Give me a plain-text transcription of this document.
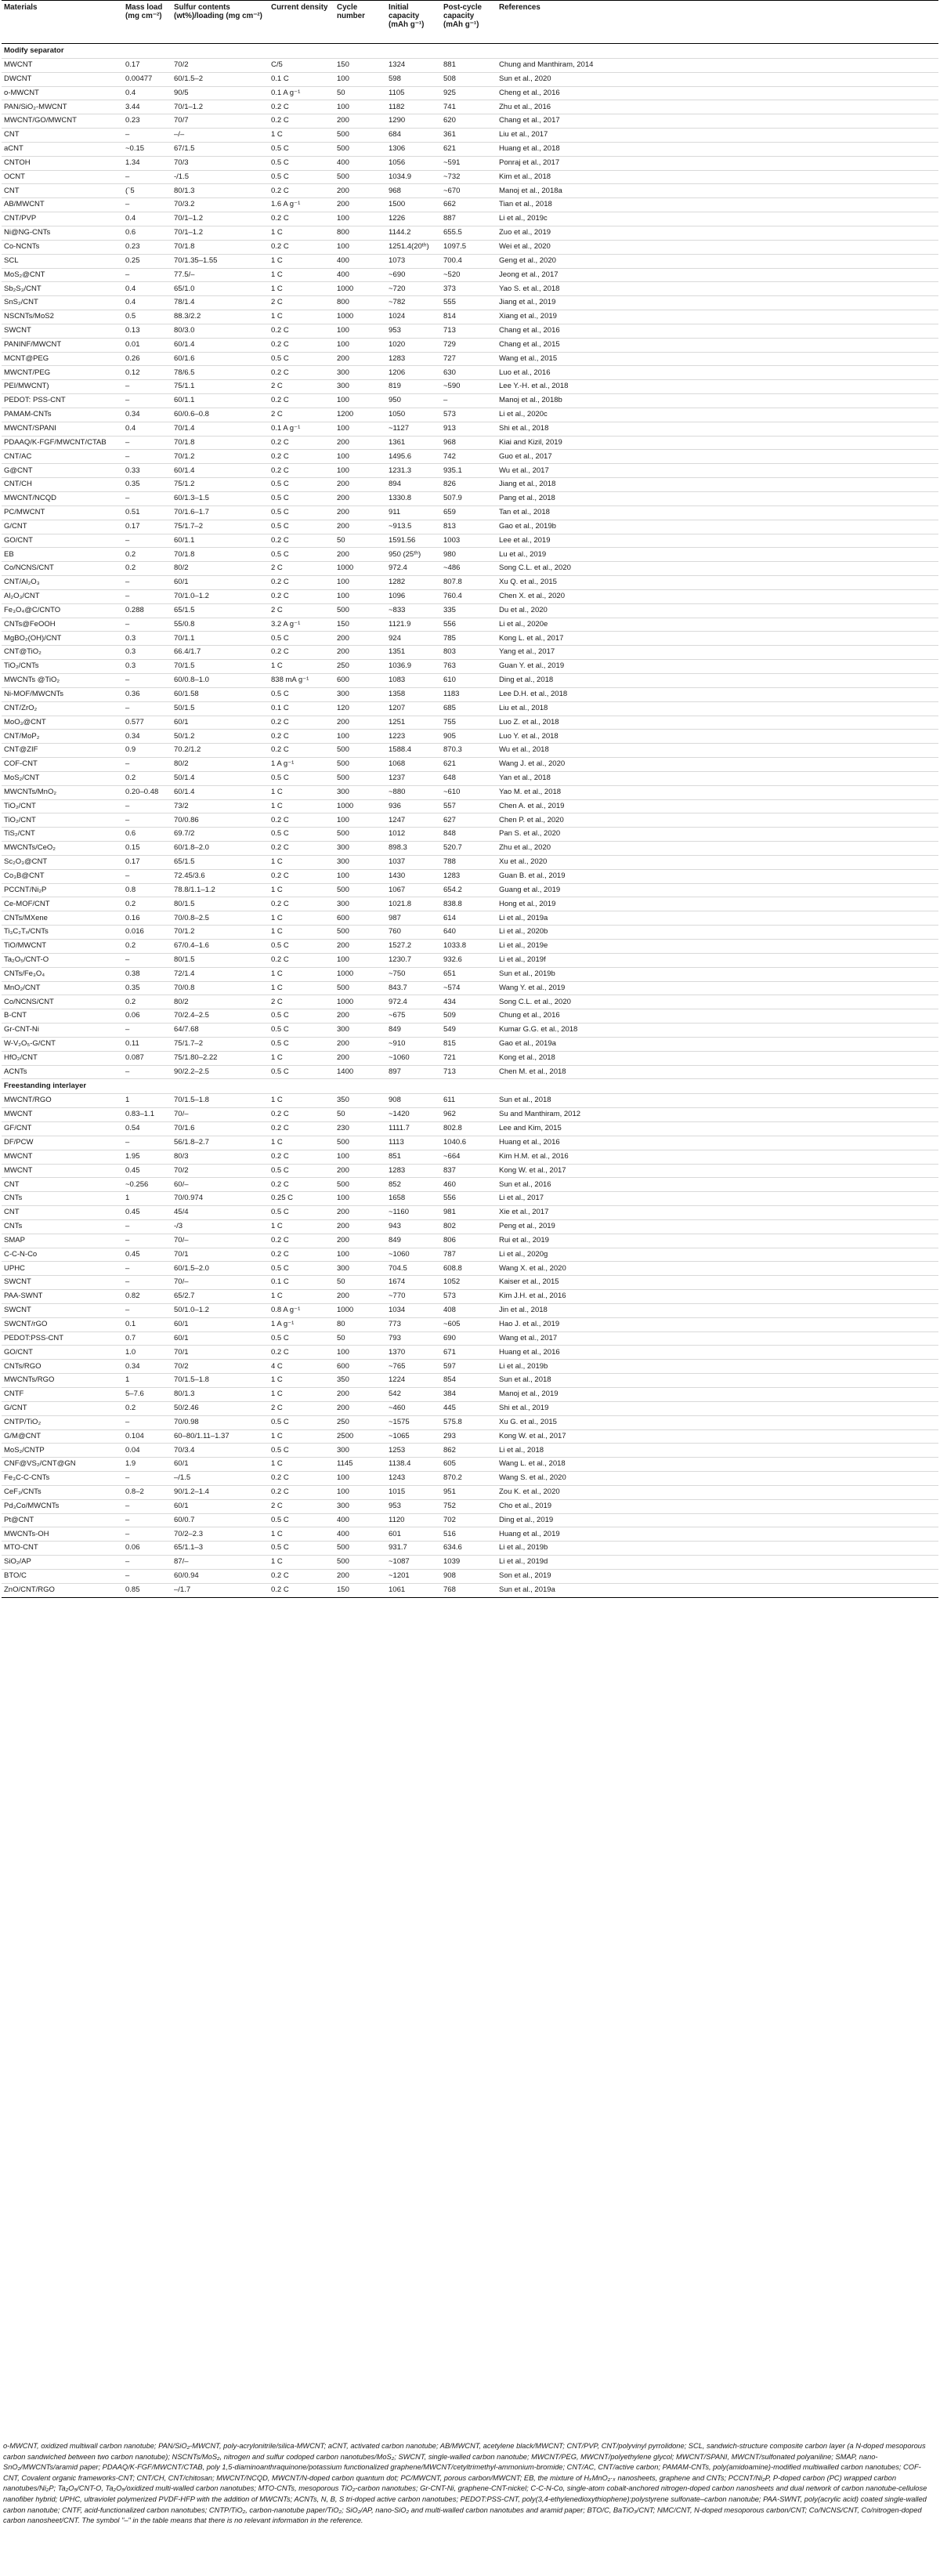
Materials	Mass load (mg cm⁻²)	Sulfur contents (wt%)/loading (mg cm⁻²)	Current density	Cycle number	Initial capacity (mAh g⁻¹)	Post-cycle capacity (mAh g⁻¹)	References
Modify separator							
MWCNT	0.17	70/2	C/5	150	1324	881	Chung and Manthiram, 2014
DWCNT	0.00477	60/1.5–2	0.1 C	100	598	508	Sun et al., 2020
o-MWCNT	0.4	90/5	0.1 A g⁻¹	50	1105	925	Cheng et al., 2016
PAN/SiO₂-MWCNT	3.44	70/1–1.2	0.2 C	100	1182	741	Zhu et al., 2016
MWCNT/GO/MWCNT	0.23	70/7	0.2 C	200	1290	620	Chang et al., 2017
CNT	–	–/–	1 C	500	684	361	Liu et al., 2017
aCNT	~0.15	67/1.5	0.5 C	500	1306	621	Huang et al., 2018
CNTOH	1.34	70/3	0.5 C	400	1056	~591	Ponraj et al., 2017
OCNT	–	-/1.5	0.5 C	500	1034.9	~732	Kim et al., 2018
CNT	(`5	80/1.3	0.2 C	200	968	~670	Manoj et al., 2018a
AB/MWCNT	–	70/3.2	1.6 A g⁻¹	200	1500	662	Tian et al., 2018
CNT/PVP	0.4	70/1–1.2	0.2 C	100	1226	887	Li et al., 2019c
Ni@NG-CNTs	0.6	70/1–1.2	1 C	800	1144.2	655.5	Zuo et al., 2019
Co-NCNTs	0.23	70/1.8	0.2 C	100	1251.4(20ᵗʰ)	1097.5	Wei et al., 2020
SCL	0.25	70/1.35–1.55	1 C	400	1073	700.4	Geng et al., 2020
MoS₂@CNT	–	77.5/–	1 C	400	~690	~520	Jeong et al., 2017
Sb₂S₃/CNT	0.4	65/1.0	1 C	1000	~720	373	Yao S. et al., 2018
SnS₂/CNT	0.4	78/1.4	2 C	800	~782	555	Jiang et al., 2019
NSCNTs/MoS2	0.5	88.3/2.2	1 C	1000	1024	814	Xiang et al., 2019
SWCNT	0.13	80/3.0	0.2 C	100	953	713	Chang et al., 2016
PANINF/MWCNT	0.01	60/1.4	0.2 C	100	1020	729	Chang et al., 2015
MCNT@PEG	0.26	60/1.6	0.5 C	200	1283	727	Wang et al., 2015
MWCNT/PEG	0.12	78/6.5	0.2 C	300	1206	630	Luo et al., 2016
PEI/MWCNT)	–	75/1.1	2 C	300	819	~590	Lee Y.-H. et al., 2018
PEDOT: PSS-CNT	–	60/1.1	0.2 C	100	950	–	Manoj et al., 2018b
PAMAM-CNTs	0.34	60/0.6–0.8	2 C	1200	1050	573	Li et al., 2020c
MWCNT/SPANI	0.4	70/1.4	0.1 A g⁻¹	100	~1127	913	Shi et al., 2018
PDAAQ/K-FGF/MWCNT/CTAB	–	70/1.8	0.2 C	200	1361	968	Kiai and Kizil, 2019
CNT/AC	–	70/1.2	0.2 C	100	1495.6	742	Guo et al., 2017
G@CNT	0.33	60/1.4	0.2 C	100	1231.3	935.1	Wu et al., 2017
CNT/CH	0.35	75/1.2	0.5 C	200	894	826	Jiang et al., 2018
MWCNT/NCQD	–	60/1.3–1.5	0.5 C	200	1330.8	507.9	Pang et al., 2018
PC/MWCNT	0.51	70/1.6–1.7	0.5 C	200	911	659	Tan et al., 2018
G/CNT	0.17	75/1.7–2	0.5 C	200	~913.5	813	Gao et al., 2019b
GO/CNT	–	60/1.1	0.2 C	50	1591.56	1003	Lee et al., 2019
EB	0.2	70/1.8	0.5 C	200	950 (25ᵗʰ)	980	Lu et al., 2019
Co/NCNS/CNT	0.2	80/2	2 C	1000	972.4	~486	Song C.L. et al., 2020
CNT/Al₂O₃	–	60/1	0.2 C	100	1282	807.8	Xu Q. et al., 2015
Al₂O₃/CNT	–	70/1.0–1.2	0.2 C	100	1096	760.4	Chen X. et al., 2020
Fe₃O₄@C/CNTO	0.288	65/1.5	2 C	500	~833	335	Du et al., 2020
CNTs@FeOOH	–	55/0.8	3.2 A g⁻¹	150	1121.9	556	Li et al., 2020e
MgBO₂(OH)/CNT	0.3	70/1.1	0.5 C	200	924	785	Kong L. et al., 2017
CNT@TiO₂	0.3	66.4/1.7	0.2 C	200	1351	803	Yang et al., 2017
TiO₂/CNTs	0.3	70/1.5	1 C	250	1036.9	763	Guan Y. et al., 2019
MWCNTs @TiO₂	–	60/0.8–1.0	838 mA g⁻¹	600	1083	610	Ding et al., 2018
Ni-MOF/MWCNTs	0.36	60/1.58	0.5 C	300	1358	1183	Lee D.H. et al., 2018
CNT/ZrO₂	–	50/1.5	0.1 C	120	1207	685	Liu et al., 2018
MoO₃@CNT	0.577	60/1	0.2 C	200	1251	755	Luo Z. et al., 2018
CNT/MoP₂	0.34	50/1.2	0.2 C	100	1223	905	Luo Y. et al., 2018
CNT@ZIF	0.9	70.2/1.2	0.2 C	500	1588.4	870.3	Wu et al., 2018
COF-CNT	–	80/2	1 A g⁻¹	500	1068	621	Wang J. et al., 2020
MoS₂/CNT	0.2	50/1.4	0.5 C	500	1237	648	Yan et al., 2018
MWCNTs/MnO₂	0.20–0.48	60/1.4	1 C	300	~880	~610	Yao M. et al., 2018
TiO₂/CNT	–	73/2	1 C	1000	936	557	Chen A. et al., 2019
TiO₂/CNT	–	70/0.86	0.2 C	100	1247	627	Chen P. et al., 2020
TiS₂/CNT	0.6	69.7/2	0.5 C	500	1012	848	Pan S. et al., 2020
MWCNTs/CeO₂	0.15	60/1.8–2.0	0.2 C	300	898.3	520.7	Zhu et al., 2020
Sc₂O₃@CNT	0.17	65/1.5	1 C	300	1037	788	Xu et al., 2020
Co₃B@CNT	–	72.45/3.6	0.2 C	100	1430	1283	Guan B. et al., 2019
PCCNT/Ni₂P	0.8	78.8/1.1–1.2	1 C	500	1067	654.2	Guang et al., 2019
Ce-MOF/CNT	0.2	80/1.5	0.2 C	300	1021.8	838.8	Hong et al., 2019
CNTs/MXene	0.16	70/0.8–2.5	1 C	600	987	614	Li et al., 2019a
Ti₃C₂Tₓ/CNTs	0.016	70/1.2	1 C	500	760	640	Li et al., 2020b
TiO/MWCNT	0.2	67/0.4–1.6	0.5 C	200	1527.2	1033.8	Li et al., 2019e
Ta₂O₅/CNT-O	–	80/1.5	0.2 C	100	1230.7	932.6	Li et al., 2019f
CNTs/Fe₃O₄	0.38	72/1.4	1 C	1000	~750	651	Sun et al., 2019b
MnO₂/CNT	0.35	70/0.8	1 C	500	843.7	~574	Wang Y. et al., 2019
Co/NCNS/CNT	0.2	80/2	2 C	1000	972.4	434	Song C.L. et al., 2020
B-CNT	0.06	70/2.4–2.5	0.5 C	200	~675	509	Chung et al., 2016
Gr-CNT-Ni	–	64/7.68	0.5 C	300	849	549	Kumar G.G. et al., 2018
W-V₂O₅-G/CNT	0.11	75/1.7–2	0.5 C	200	~910	815	Gao et al., 2019a
HfO₂/CNT	0.087	75/1.80–2.22	1 C	200	~1060	721	Kong et al., 2018
ACNTs	–	90/2.2–2.5	0.5 C	1400	897	713	Chen M. et al., 2018
Freestanding interlayer							
MWCNT/RGO	1	70/1.5–1.8	1 C	350	908	611	Sun et al., 2018
MWCNT	0.83–1.1	70/–	0.2 C	50	~1420	962	Su and Manthiram, 2012
GF/CNT	0.54	70/1.6	0.2 C	230	1111.7	802.8	Lee and Kim, 2015
DF/PCW	–	56/1.8–2.7	1 C	500	1113	1040.6	Huang et al., 2016
MWCNT	1.95	80/3	0.2 C	100	851	~664	Kim H.M. et al., 2016
MWCNT	0.45	70/2	0.5 C	200	1283	837	Kong W. et al., 2017
CNT	~0.256	60/–	0.2 C	500	852	460	Sun et al., 2016
CNTs	1	70/0.974	0.25 C	100	1658	556	Li et al., 2017
CNT	0.45	45/4	0.5 C	200	~1160	981	Xie et al., 2017
CNTs	–	-/3	1 C	200	943	802	Peng et al., 2019
SMAP	–	70/–	0.2 C	200	849	806	Rui et al., 2019
C-C-N-Co	0.45	70/1	0.2 C	100	~1060	787	Li et al., 2020g
UPHC	–	60/1.5–2.0	0.5 C	300	704.5	608.8	Wang X. et al., 2020
SWCNT	–	70/–	0.1 C	50	1674	1052	Kaiser et al., 2015
PAA-SWNT	0.82	65/2.7	1 C	200	~770	573	Kim J.H. et al., 2016
SWCNT	–	50/1.0–1.2	0.8 A g⁻¹	1000	1034	408	Jin et al., 2018
SWCNT/rGO	0.1	60/1	1 A g⁻¹	80	773	~605	Hao J. et al., 2019
PEDOT:PSS-CNT	0.7	60/1	0.5 C	50	793	690	Wang et al., 2017
GO/CNT	1.0	70/1	0.2 C	100	1370	671	Huang et al., 2016
CNTs/RGO	0.34	70/2	4 C	600	~765	597	Li et al., 2019b
MWCNTs/RGO	1	70/1.5–1.8	1 C	350	1224	854	Sun et al., 2018
CNTF	5–7.6	80/1.3	1 C	200	542	384	Manoj et al., 2019
G/CNT	0.2	50/2.46	2 C	200	~460	445	Shi et al., 2019
CNTP/TiO₂	–	70/0.98	0.5 C	250	~1575	575.8	Xu G. et al., 2015
G/M@CNT	0.104	60–80/1.11–1.37	1 C	2500	~1065	293	Kong W. et al., 2017
MoS₂/CNTP	0.04	70/3.4	0.5 C	300	1253	862	Li et al., 2018
CNF@VS₂/CNT@GN	1.9	60/1	1 C	1145	1138.4	605	Wang L. et al., 2018
Fe₃C-C-CNTs	–	–/1.5	0.2 C	100	1243	870.2	Wang S. et al., 2020
CeF₃/CNTs	0.8–2	90/1.2–1.4	0.2 C	100	1015	951	Zou K. et al., 2020
Pd₃Co/MWCNTs	–	60/1	2 C	300	953	752	Cho et al., 2019
Pt@CNT	–	60/0.7	0.5 C	400	1120	702	Ding et al., 2019
MWCNTs-OH	–	70/2–2.3	1 C	400	601	516	Huang et al., 2019
MTO-CNT	0.06	65/1.1–3	0.5 C	500	931.7	634.6	Li et al., 2019b
SiO₂/AP	–	87/–	1 C	500	~1087	1039	Li et al., 2019d
BTO/C	–	60/0.94	0.2 C	200	~1201	908	Son et al., 2019
ZnO/CNT/RGO	0.85	–/1.7	0.2 C	150	1061	768	Sun et al., 2019a
o-MWCNT, oxidized multiwall carbon nanotube; PAN/SiO₂-MWCNT, poly-acrylonitrile/silica-MWCNT; aCNT, activated carbon nanotube; AB/MWCNT, acetylene black/MWCNT; CNT/PVP, CNT/polyvinyl pyrrolidone; SCL, sandwich-structure composite carbon layer (a N-doped mesoporous carbon sandwiched between two carbon nanotube); NSCNTs/MoS₂, nitrogen and sulfur codoped carbon nanotubes/MoS₂; SWCNT, single-walled carbon nanotube; MWCNT/PEG, MWCNT/polyethylene glycol; MWCNT/SPANI, MWCNT/sulfonated polyaniline; SMAP, nano-SnO₂/MWCNTs/aramid paper; PDAAQ/K-FGF/MWCNT/CTAB, poly 1,5-diaminoanthraquinone/potassium functionalized graphene/MWCNT/cetyltrimethyl-ammonium-bromide; CNT/AC, CNT/active carbon; PAMAM-CNTs, poly(amidoamine)-modified multiwalled carbon nanotubes; COF-CNT, Covalent organic frameworks-CNT; CNT/CH, CNT/chitosan; MWCNT/NCQD, MWCNT/N-doped carbon quantum dot; PC/MWCNT, porous carbon/MWCNT; EB, the mixture of HₓMnO₂·ₓ nanosheets, graphene and CNTs; PCCNT/Ni₂P, P-doped carbon (PC) wrapped carbon nanotubes/Ni₂P; Ta₂O₅/CNT-O, Ta₂O₅/oxidized multi-walled carbon nanotubes; MTO-CNTs, mesoporous TiO₂-carbon nanotubes; Gr-CNT-Ni, graphene-CNT-nickel; C-C-N-Co, single-atom cobalt-anchored nitrogen-doped carbon nanosheets and dual network of carbon nanotube-cellulose nanofiber hybrid; UPHC, ultraviolet polymerized PVDF-HFP with the addition of MWCNTs; ACNTs, N, B, S tri-doped active carbon nanotubes; PEDOT:PSS-CNT, poly(3,4-ethylenedioxythiophene):polystyrene sulfonate–carbon nanotube; PAA-SWNT, poly(acrylic acid) coated single-walled carbon nanotube; CNTF, acid-functionalized carbon nanotubes; CNTP/TiO₂, carbon-nanotube paper/TiO₂; SiO₂/AP, nano-SiO₂ and multi-walled carbon nanotubes and aramid paper; BTO/C, BaTiO₃/CNT; NMC/CNT, N-doped mesoporous carbon/CNT; Co/NCNS/CNT, Co/nitrogen-doped carbon nanosheet/CNT. The symbol "–" in the table means that there is no relevant information in the reference.
